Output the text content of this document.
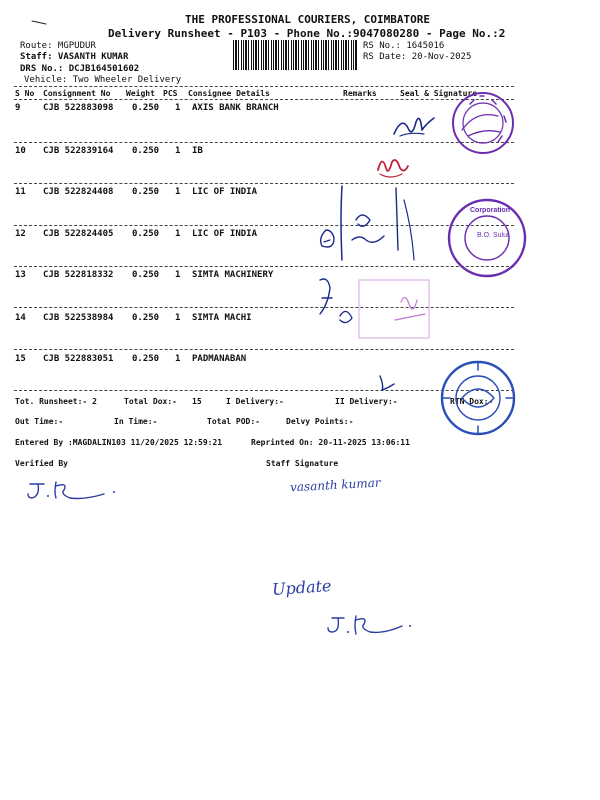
THE PROFESSIONAL COURIERS, COIMBATORE
Delivery Runsheet - P103 - Phone No.:9047080280 - Page No.:2
Route: MGPUDUR
Staff: VASANTH KUMAR
DRS No.: DCJB164501602
Vehicle: Two Wheeler Delivery
RS No.: 1645016
RS Date: 20-Nov-2025
S No Consignment No Weight PCS Consignee Details	Remarks	Seal & Signature
9	CJB 522883098 0.250 1 AXIS BANK BRANCH
10 CJB 522839164 0.250 1 IB
11 CJB 522824408 0.250 1 LIC OF INDIA
12 CJB 522824405 0.250 1 LIC OF INDIA
13 CJB 522818332 0.250 1 SIMTA MACHINERY
14 CJB 522538984 0.250 1 SIMTA MACHI
15 CJB 522883051 0.250 1 PADMANABAN
Tot. Runsheet:- 2	Total Dox:- 15	I Delivery:-	II Delivery:-	RTN Dox:-
Out Time:-	In Time:-	Total POD:-	Delvy Points:-
Entered By :MAGDALIN103 11/20/2025 12:59:21	Reprinted On: 20-11-2025 13:06:11
Verified By	Staff Signature
Corporation
B.O. Sulur
vasanth kumar
Update
